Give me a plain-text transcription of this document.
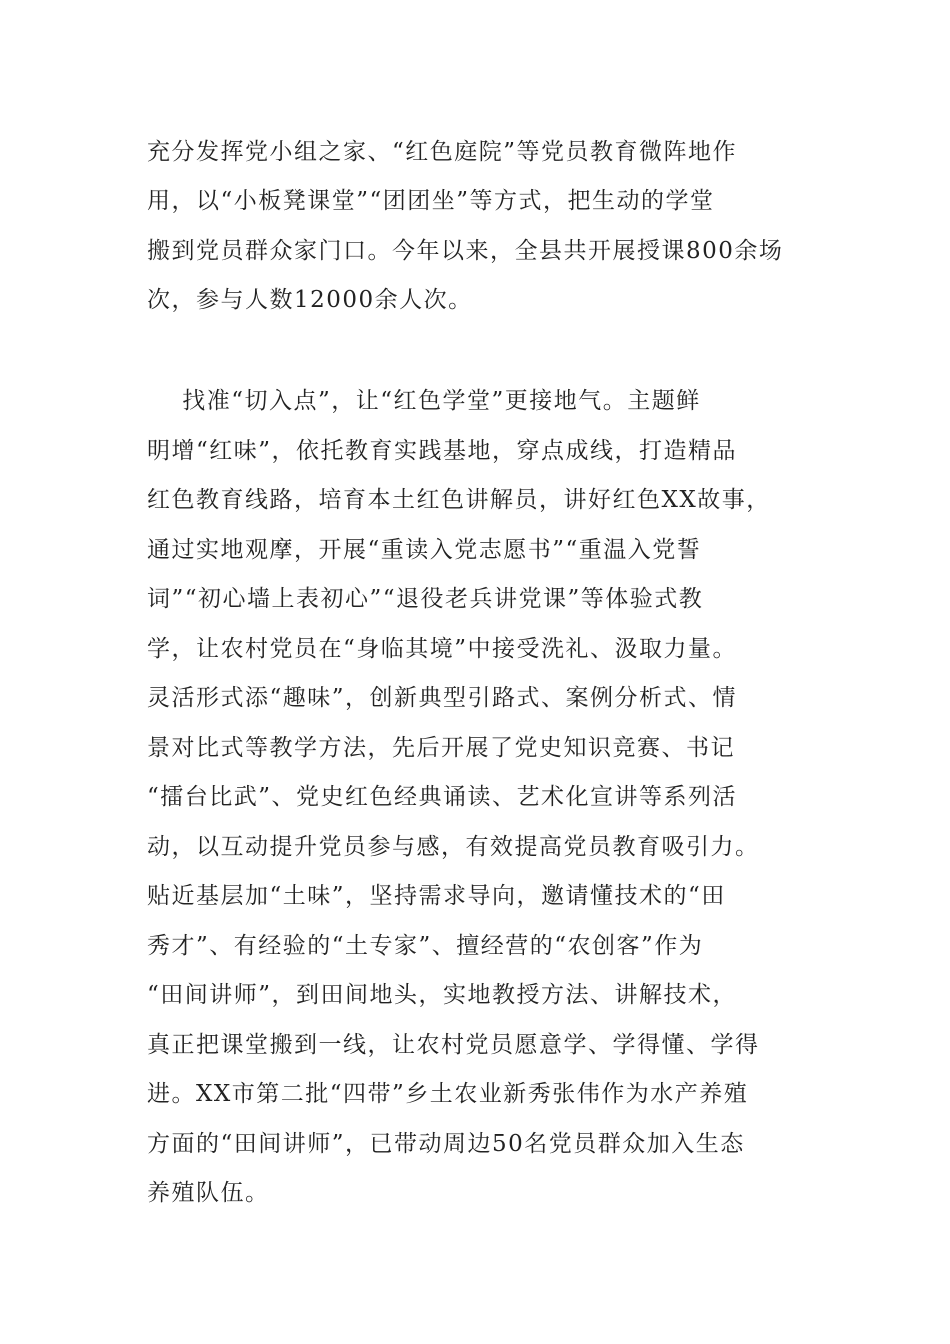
充分发挥党小组之家、“红色庭院”等党员教育微阵地作
用，以“小板凳课堂”“团团坐”等方式，把生动的学堂
搬到党员群众家门口。今年以来，全县共开展授课800余场
次，参与人数12000余人次。
找准“切入点”，让“红色学堂”更接地气。主题鲜
明增“红味”，依托教育实践基地，穿点成线，打造精品
红色教育线路，培育本土红色讲解员，讲好红色XX故事，
通过实地观摩，开展“重读入党志愿书”“重温入党誓
词”“初心墙上表初心”“退役老兵讲党课”等体验式教
学，让农村党员在“身临其境”中接受洗礼、汲取力量。
灵活形式添“趣味”，创新典型引路式、案例分析式、情
景对比式等教学方法，先后开展了党史知识竞赛、书记
“擂台比武”、党史红色经典诵读、艺术化宣讲等系列活
动，以互动提升党员参与感，有效提高党员教育吸引力。
贴近基层加“土味”，坚持需求导向，邀请懂技术的“田
秀才”、有经验的“土专家”、擅经营的“农创客”作为
“田间讲师”，到田间地头，实地教授方法、讲解技术，
真正把课堂搬到一线，让农村党员愿意学、学得懂、学得
进。XX市第二批“四带”乡土农业新秀张伟作为水产养殖
方面的“田间讲师”，已带动周边50名党员群众加入生态
养殖队伍。
